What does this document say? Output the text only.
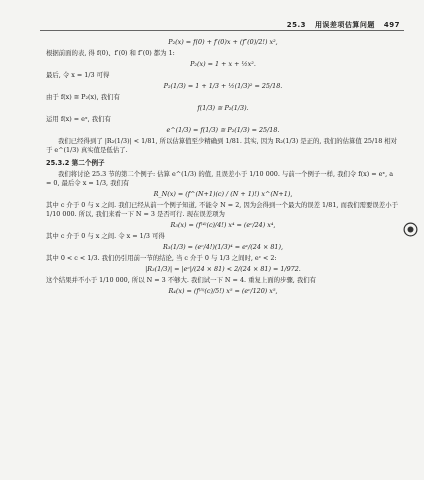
25.3 用误差项估算问题 497
P₂(x) = f(0) + f′(0)x + (f″(0)/2!) x²,
根据前面的表, 得 f(0)、f′(0) 和 f″(0) 都为 1:
P₂(x) = 1 + x + ½x².
最后, 令 x = 1/3 可得
P₂(1/3) = 1 + 1/3 + ½(1/3)² = 25/18.
由于 f(x) ≅ P₂(x), 我们有
f(1/3) ≅ P₂(1/3).
运用 f(x) = eˣ, 我们有
e^(1/3) = f(1/3) ≅ P₂(1/3) = 25/18.
我们已经得到了 |R₂(1/3)| < 1/81, 所以估算值至少精确到 1/81. 其实, 因为 R₂(1/3) 是正的, 我们的估算值 25/18 相对于 e^(1/3) 真实值是低估了.
25.3.2 第二个例子
我们将讨论 25.3 节的第二个例子: 估算 e^(1/3) 的值, 且误差小于 1/10 000. 与前一个例子一样, 我们令 f(x) = eˣ, a = 0, 最后令 x = 1/3, 我们有
R_N(x) = (f^(N+1)(c) / (N + 1)!) x^(N+1),
其中 c 介于 0 与 x 之间. 我们已经从前一个例子知道, 不能令 N = 2, 因为会得到一个最大的误差 1/81, 而我们需要误差小于 1/10 000. 所以, 我们来看一下 N = 3 是否可行. 现在误差项为
R₃(x) = (f⁽⁴⁾(c)/4!) x⁴ = (eᶜ/24) x⁴,
其中 c 介于 0 与 x 之间. 令 x = 1/3 可得
R₃(1/3) = (eᶜ/4!)(1/3)⁴ = eᶜ/(24 × 81),
其中 0 < c < 1/3. 我们仍引用前一节的结论, 当 c 介于 0 与 1/3 之间时, eᶜ < 2:
|R₃(1/3)| = |eᶜ|/(24 × 81) < 2/(24 × 81) = 1/972.
这个结果并不小于 1/10 000, 所以 N = 3 不够大. 我们试一下 N = 4. 重复上面的步骤, 我们有
R₄(x) = (f⁽⁵⁾(c)/5!) x⁵ = (eᶜ/120) x⁵,
